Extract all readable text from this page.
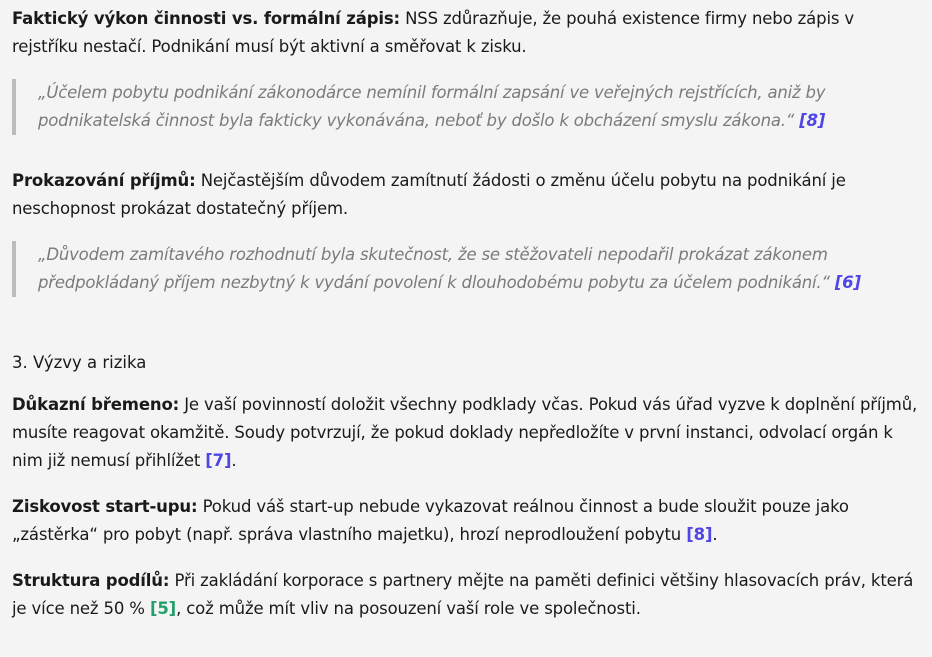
Faktický výkon činnosti vs. formální zápis: NSS zdůrazňuje, že pouhá existence firmy nebo zápis v rejstříku nestačí. Podnikání musí být aktivní a směřovat k zisku.

„Účelem pobytu podnikání zákonodárce nemínil formální zapsání ve veřejných rejstřících, aniž by podnikatelská činnost byla fakticky vykonávána, neboť by došlo k obcházení smyslu zákona.“ [8]

Prokazování příjmů: Nejčastějším důvodem zamítnutí žádosti o změnu účelu pobytu na podnikání je neschopnost prokázat dostatečný příjem.

„Důvodem zamítavého rozhodnutí byla skutečnost, že se stěžovateli nepodařil prokázat zákonem předpokládaný příjem nezbytný k vydání povolení k dlouhodobému pobytu za účelem podnikání.“ [6]

3. Výzvy a rizika

Důkazní břemeno: Je vaší povinností doložit všechny podklady včas. Pokud vás úřad vyzve k doplnění příjmů, musíte reagovat okamžitě. Soudy potvrzují, že pokud doklady nepředložíte v první instanci, odvolací orgán k nim již nemusí přihlížet [7].

Ziskovost start-upu: Pokud váš start-up nebude vykazovat reálnou činnost a bude sloužit pouze jako „zástěrka“ pro pobyt (např. správa vlastního majetku), hrozí neprodloužení pobytu [8].

Struktura podílů: Při zakládání korporace s partnery mějte na paměti definici většiny hlasovacích práv, která je více než 50 % [5], což může mít vliv na posouzení vaší role ve společnosti.
